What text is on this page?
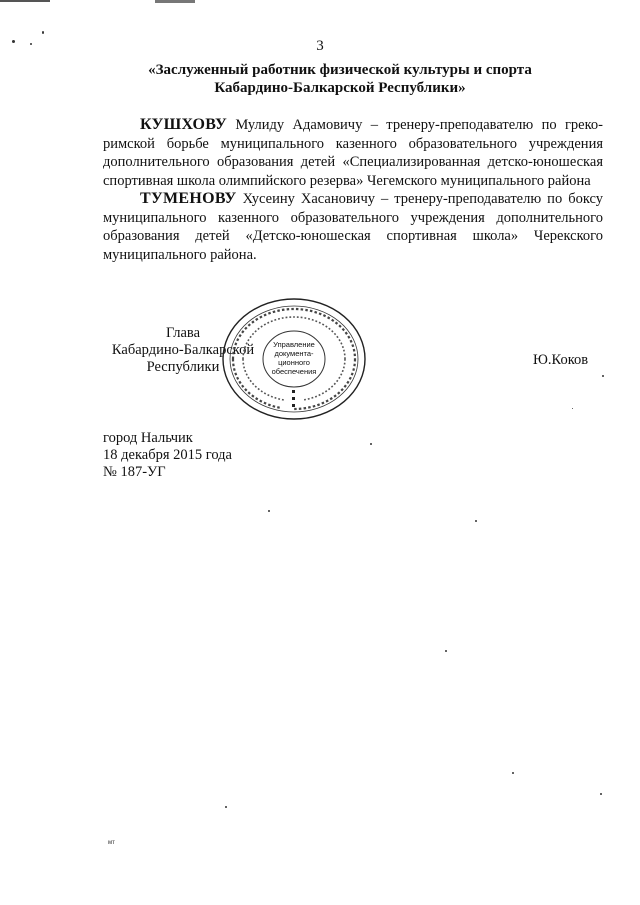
3
«Заслуженный работник физической культуры и спорта
Кабардино-Балкарской Республики»
КУШХОВУ Мулиду Адамовичу – тренеру-преподавателю по греко-римской борьбе муниципального казенного образовательного учреждения дополнительного образования детей «Специализированная детско-юношеская спортивная школа олимпийского резерва» Чегемского муниципального района
ТУМЕНОВУ Хусеину Хасановичу – тренеру-преподавателю по боксу муниципального казенного образовательного учреждения дополнительного образования детей «Детско-юношеская спортивная школа» Черекского муниципального района.
Глава
Кабардино-Балкарской
Республики
Управление
документа-
ционного
обеспечения
Ю.Коков
город Нальчик
18 декабря 2015 года
№ 187-УГ
мт
